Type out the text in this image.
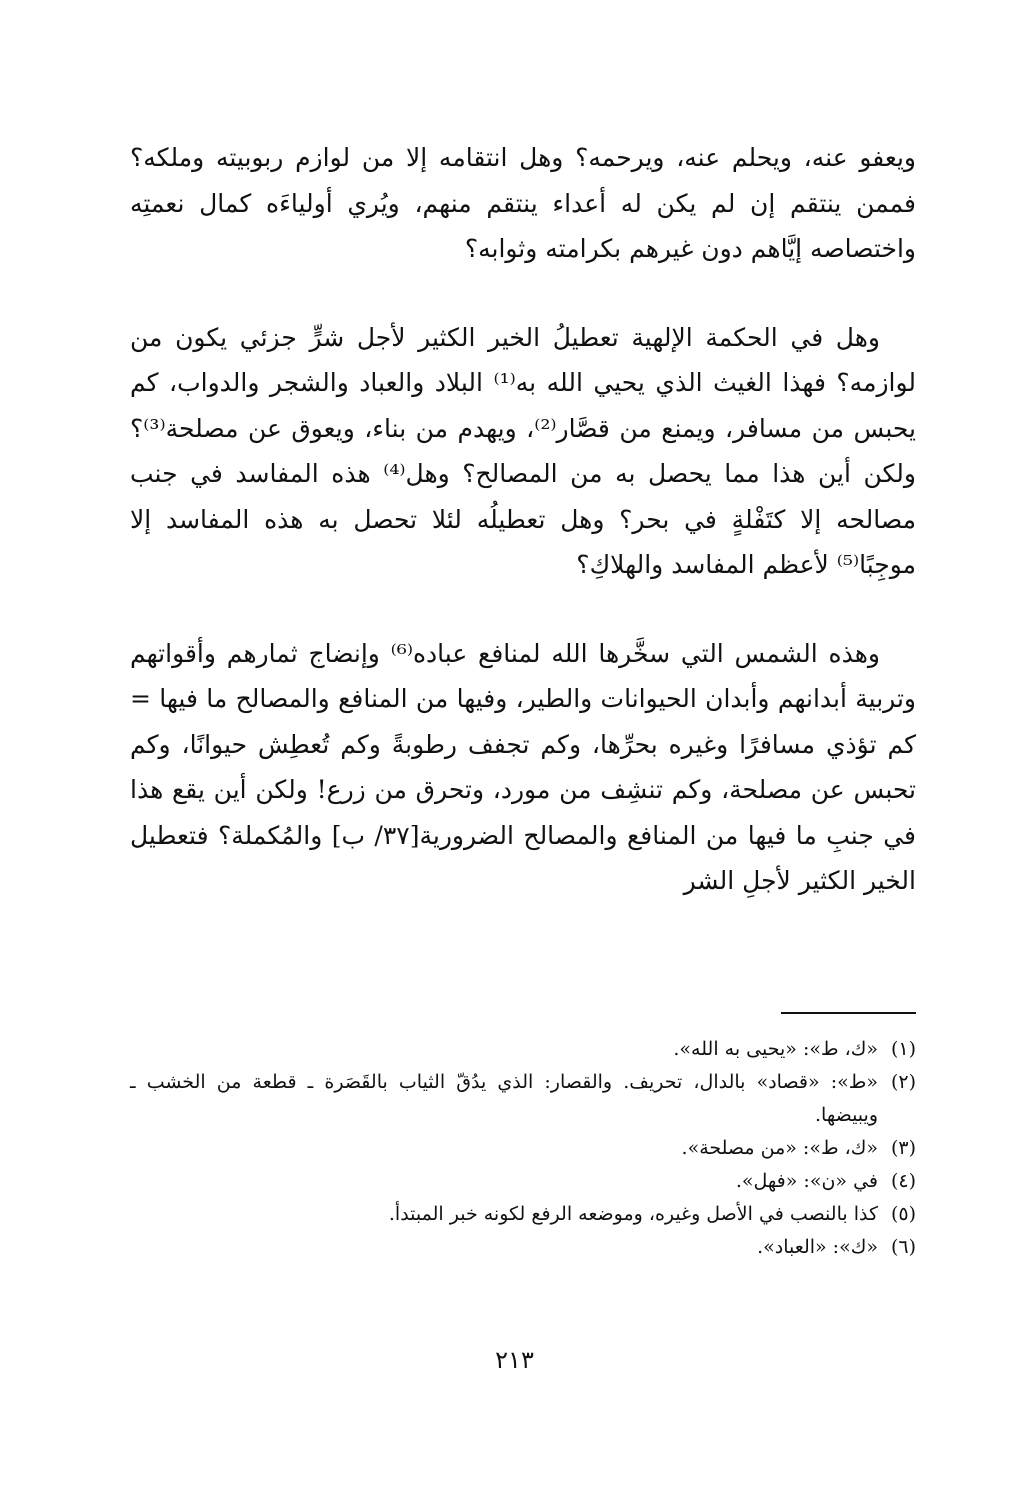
ويعفو عنه، ويحلم عنه، ويرحمه؟ وهل انتقامه إلا من لوازم ربوبيته وملكه؟ فممن ينتقم إن لم يكن له أعداء ينتقم منهم، ويُري أولياءَه كمال نعمتِه واختصاصه إيَّاهم دون غيرهم بكرامته وثوابه؟

وهل في الحكمة الإلهية تعطيلُ الخير الكثير لأجل شرٍّ جزئي يكون من لوازمه؟ فهذا الغيث الذي يحيي الله به⁽¹⁾ البلاد والعباد والشجر والدواب، كم يحبس من مسافر، ويمنع من قصَّار⁽²⁾، ويهدم من بناء، ويعوق عن مصلحة⁽³⁾؟ ولكن أين هذا مما يحصل به من المصالح؟ وهل⁽⁴⁾ هذه المفاسد في جنب مصالحه إلا كتَفْلةٍ في بحر؟ وهل تعطيلُه لئلا تحصل به هذه المفاسد إلا موجِبًا⁽⁵⁾ لأعظم المفاسد والهلاكِ؟

وهذه الشمس التي سخَّرها الله لمنافع عباده⁽⁶⁾ وإنضاج ثمارهم وأقواتهم وتربية أبدانهم وأبدان الحيوانات والطير، وفيها من المنافع والمصالح ما فيها = كم تؤذي مسافرًا وغيره بحرِّها، وكم تجفف رطوبةً وكم تُعطِش حيوانًا، وكم تحبس عن مصلحة، وكم تنشِف من مورد، وتحرق من زرع! ولكن أين يقع هذا في جنبِ ما فيها من المنافع والمصالح الضرورية[٣٧/ ب] والمُكملة؟ فتعطيل الخير الكثير لأجلِ الشر

(١)
«ك، ط»: «يحيى به الله».
(٢)
«ط»: «قصاد» بالدال، تحريف. والقصار: الذي يدُقّ الثياب بالقَصَرة ـ قطعة من الخشب ـ ويبيضها.
(٣)
«ك، ط»: «من مصلحة».
(٤)
في «ن»: «فهل».
(٥)
كذا بالنصب في الأصل وغيره، وموضعه الرفع لكونه خبر المبتدأ.
(٦)
«ك»: «العباد».
٢١٣
